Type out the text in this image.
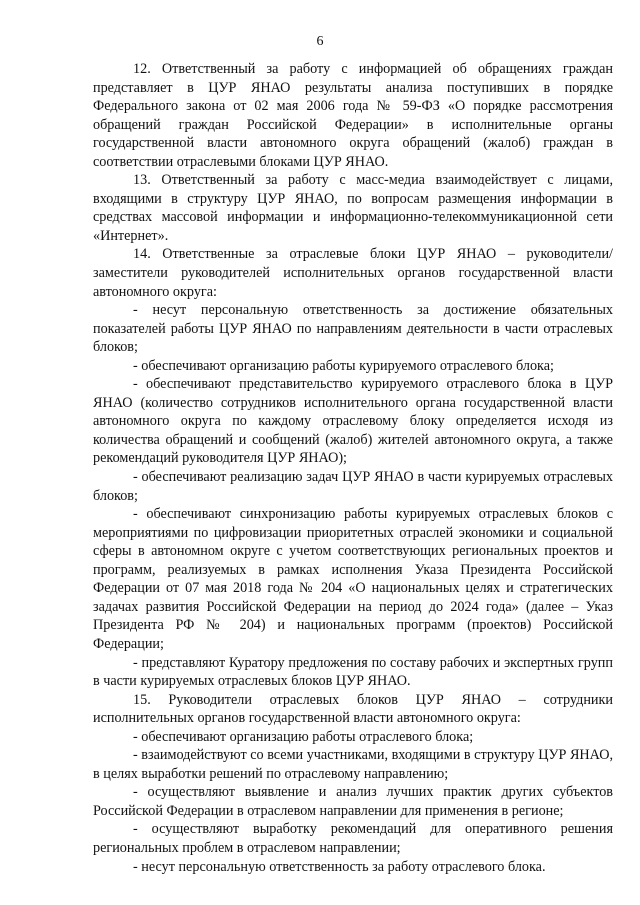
6

12. Ответственный за работу с информацией об обращениях граждан представляет в ЦУР ЯНАО результаты анализа поступивших в порядке Федерального закона от 02 мая 2006 года № 59-ФЗ «О порядке рассмотрения обращений граждан Российской Федерации» в исполнительные органы государственной власти автономного округа обращений (жалоб) граждан в соответствии отраслевыми блоками ЦУР ЯНАО.

13. Ответственный за работу с масс-медиа взаимодействует с лицами, входящими в структуру ЦУР ЯНАО, по вопросам размещения информации в средствах массовой информации и информационно-телекоммуникационной сети «Интернет».

14. Ответственные за отраслевые блоки ЦУР ЯНАО – руководители/заместители руководителей исполнительных органов государственной власти автономного округа:

- несут персональную ответственность за достижение обязательных показателей работы ЦУР ЯНАО по направлениям деятельности в части отраслевых блоков;

- обеспечивают организацию работы курируемого отраслевого блока;

- обеспечивают представительство курируемого отраслевого блока в ЦУР ЯНАО (количество сотрудников исполнительного органа государственной власти автономного округа по каждому отраслевому блоку определяется исходя из количества обращений и сообщений (жалоб) жителей автономного округа, а также рекомендаций руководителя ЦУР ЯНАО);

- обеспечивают реализацию задач ЦУР ЯНАО в части курируемых отраслевых блоков;

- обеспечивают синхронизацию работы курируемых отраслевых блоков с мероприятиями по цифровизации приоритетных отраслей экономики и социальной сферы в автономном округе с учетом соответствующих региональных проектов и программ, реализуемых в рамках исполнения Указа Президента Российской Федерации от 07 мая 2018 года № 204 «О национальных целях и стратегических задачах развития Российской Федерации на период до 2024 года» (далее – Указ Президента РФ № 204) и национальных программ (проектов) Российской Федерации;

- представляют Куратору предложения по составу рабочих и экспертных групп в части курируемых отраслевых блоков ЦУР ЯНАО.

15. Руководители отраслевых блоков ЦУР ЯНАО – сотрудники исполнительных органов государственной власти автономного округа:

- обеспечивают организацию работы отраслевого блока;

- взаимодействуют со всеми участниками, входящими в структуру ЦУР ЯНАО, в целях выработки решений по отраслевому направлению;

- осуществляют выявление и анализ лучших практик других субъектов Российской Федерации в отраслевом направлении для применения в регионе;

- осуществляют выработку рекомендаций для оперативного решения региональных проблем в отраслевом направлении;

- несут персональную ответственность за работу отраслевого блока.
